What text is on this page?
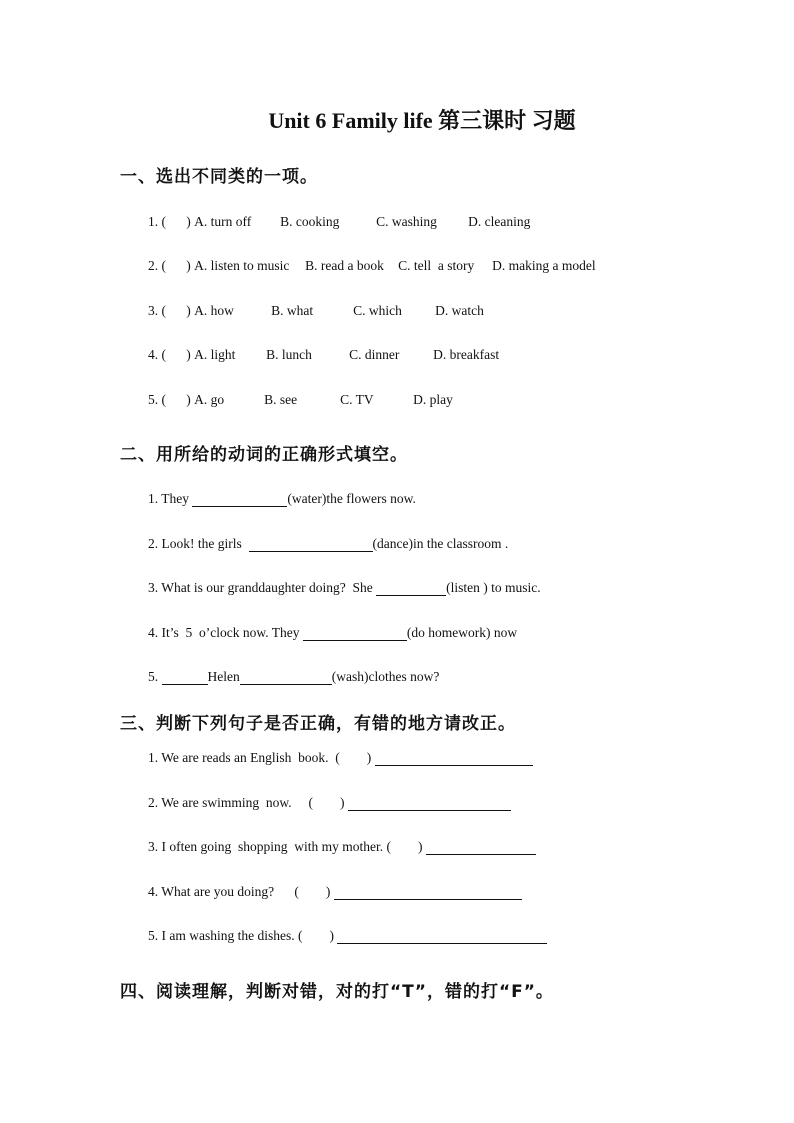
Unit 6 Family life 第三课时 习题
一、选出不同类的一项。
1. (      ) A. turn off B. cooking	C. washing D. cleaning
2. (      ) A. listen to music B. read a book C. tell  a story D. making a model
3. (      ) A. how	B. what	C. which D. watch
4. (      ) A. light B. lunch	C. dinner	D. breakfast
5. (      ) A. go	B. see	C. TV	D. play
二、用所给的动词的正确形式填空。
1. They	(water)the flowers now.
2. Look! the girls	(dance)in the classroom .
3. What is our granddaughter doing?  She	(listen ) to music.
4. It’s  5  o’clock now. They	(do homework) now
5.	Helen	(wash)clothes now?
三、判断下列句子是否正确，有错的地方请改正。
1. We are reads an English  book.  (        )
2. We are swimming  now.     (        )
3. I often going  shopping  with my mother. (        )
4. What are you doing?      (        )
5. I am washing the dishes. (        )
四、阅读理解，判断对错，对的打“T”，错的打“F”。
